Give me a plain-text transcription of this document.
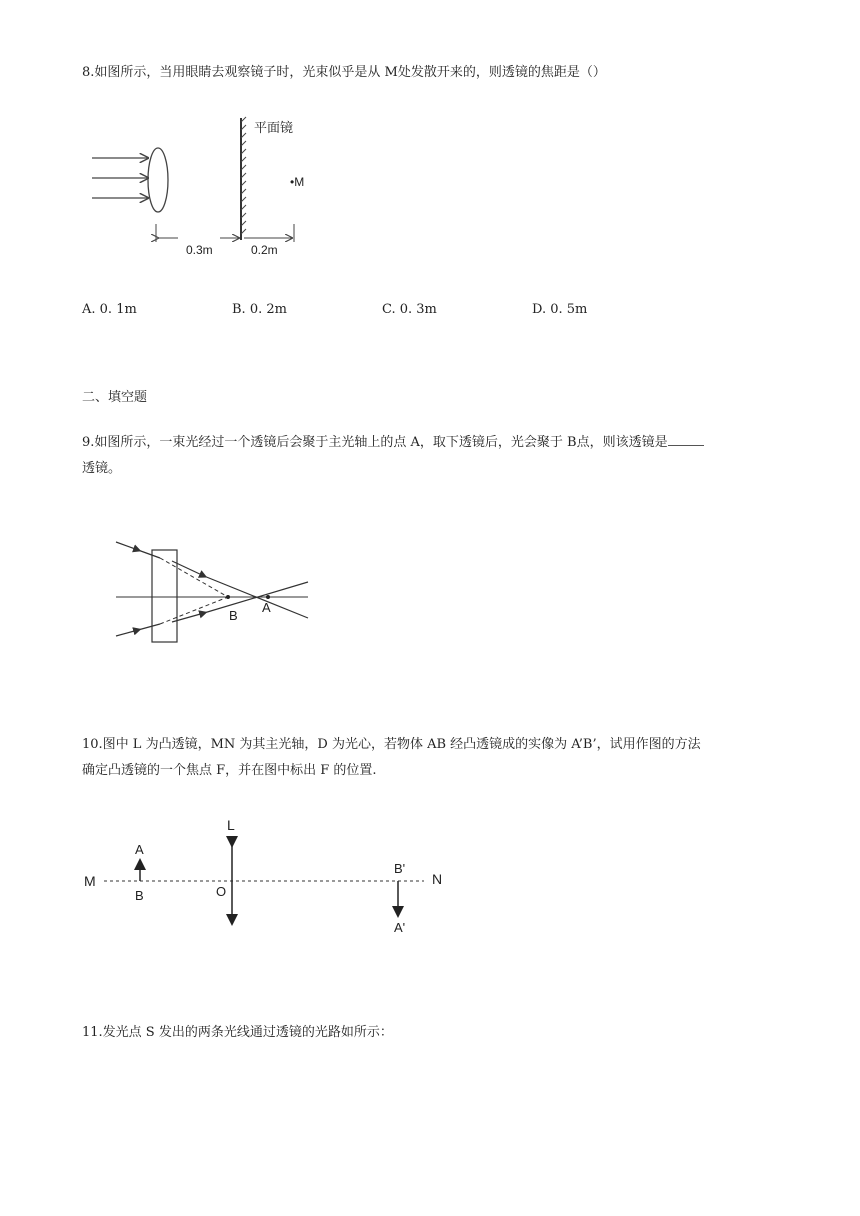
8.如图所示，当用眼睛去观察镜子时，光束似乎是从 M处发散开来的，则透镜的焦距是（）

平面镜
•M
0.3m	0.2m
A. 0. 1m	B. 0. 2m	C. 0. 3m	D. 0. 5m

二、填空题

9.如图所示，一束光经过一个透镜后会聚于主光轴上的点 A，取下透镜后，光会聚于 B点，则该透镜是
透镜。

B
A

10.图中 L 为凸透镜，MN 为其主光轴，D 为光心，若物体 AB 经凸透镜成的实像为 A’B’，试用作图的方法
确定凸透镜的一个焦点 F，并在图中标出 F 的位置.

M	N
L
O
A
B
B'
A'

11.发光点 S 发出的两条光线通过透镜的光路如所示：
